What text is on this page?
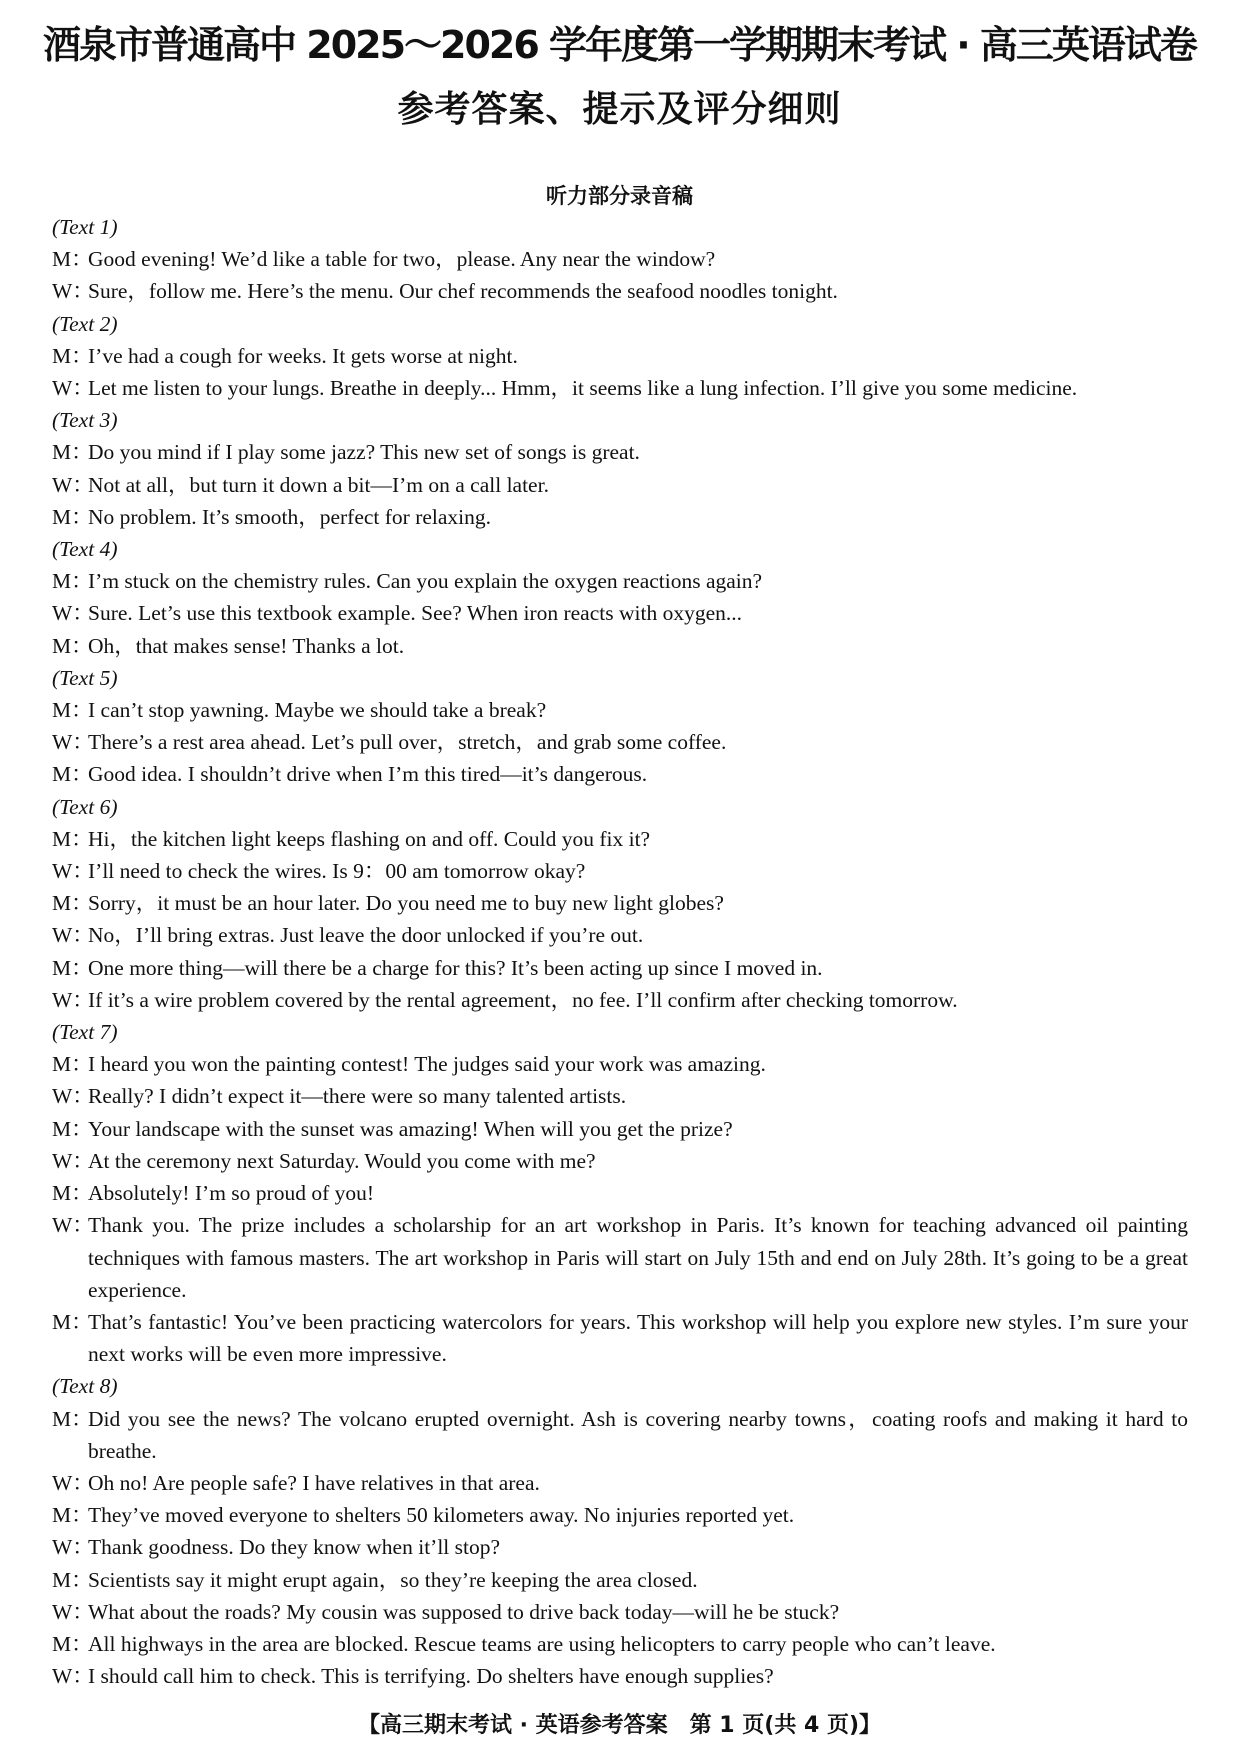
酒泉市普通高中 2025～2026 学年度第一学期期末考试 · 高三英语试卷
参考答案、提示及评分细则
听力部分录音稿
(Text 1)
M：
Good evening! We’d like a table for two，please. Any near the window?
W：
Sure，follow me. Here’s the menu. Our chef recommends the seafood noodles tonight.
(Text 2)
M：
I’ve had a cough for weeks. It gets worse at night.
W：
Let me listen to your lungs. Breathe in deeply... Hmm，it seems like a lung infection. I’ll give you some medicine.
(Text 3)
M：
Do you mind if I play some jazz? This new set of songs is great.
W：
Not at all，but turn it down a bit—I’m on a call later.
M：
No problem. It’s smooth，perfect for relaxing.
(Text 4)
M：
I’m stuck on the chemistry rules. Can you explain the oxygen reactions again?
W：
Sure. Let’s use this textbook example. See? When iron reacts with oxygen...
M：
Oh，that makes sense! Thanks a lot.
(Text 5)
M：
I can’t stop yawning. Maybe we should take a break?
W：
There’s a rest area ahead. Let’s pull over，stretch，and grab some coffee.
M：
Good idea. I shouldn’t drive when I’m this tired—it’s dangerous.
(Text 6)
M：
Hi，the kitchen light keeps flashing on and off. Could you fix it?
W：
I’ll need to check the wires. Is 9：00 am tomorrow okay?
M：
Sorry，it must be an hour later. Do you need me to buy new light globes?
W：
No，I’ll bring extras. Just leave the door unlocked if you’re out.
M：
One more thing—will there be a charge for this? It’s been acting up since I moved in.
W：
If it’s a wire problem covered by the rental agreement，no fee. I’ll confirm after checking tomorrow.
(Text 7)
M：
I heard you won the painting contest! The judges said your work was amazing.
W：
Really? I didn’t expect it—there were so many talented artists.
M：
Your landscape with the sunset was amazing! When will you get the prize?
W：
At the ceremony next Saturday. Would you come with me?
M：
Absolutely! I’m so proud of you!
W：
Thank you. The prize includes a scholarship for an art workshop in Paris. It’s known for teaching advanced oil painting techniques with famous masters. The art workshop in Paris will start on July 15th and end on July 28th. It’s going to be a great experience.
M：
That’s fantastic! You’ve been practicing watercolors for years. This workshop will help you explore new styles. I’m sure your next works will be even more impressive.
(Text 8)
M：
Did you see the news? The volcano erupted overnight. Ash is covering nearby towns，coating roofs and making it hard to breathe.
W：
Oh no! Are people safe? I have relatives in that area.
M：
They’ve moved everyone to shelters 50 kilometers away. No injuries reported yet.
W：
Thank goodness. Do they know when it’ll stop?
M：
Scientists say it might erupt again，so they’re keeping the area closed.
W：
What about the roads? My cousin was supposed to drive back today—will he be stuck?
M：
All highways in the area are blocked. Rescue teams are using helicopters to carry people who can’t leave.
W：
I should call him to check. This is terrifying. Do shelters have enough supplies?
【高三期末考试 · 英语参考答案　第 1 页(共 4 页)】
